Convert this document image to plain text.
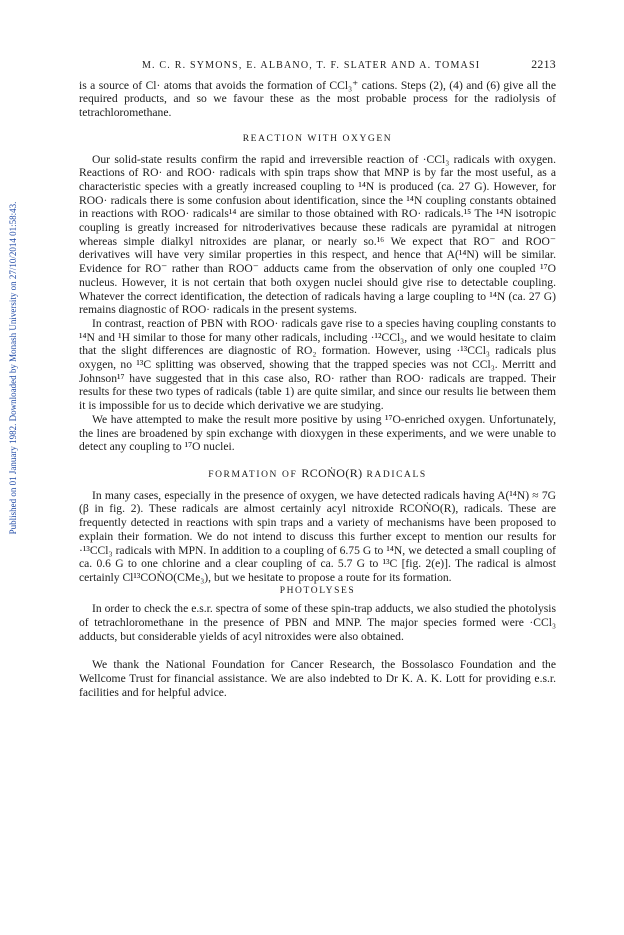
Published on 01 January 1982. Downloaded by Monash University on 27/10/2014 01:58:43.
M. C. R. SYMONS, E. ALBANO, T. F. SLATER AND A. TOMASI	2213

is a source of Cl· atoms that avoids the formation of CCl₃⁺ cations. Steps (2), (4) and (6) give all the required products, and so we favour these as the most probable process for the radiolysis of tetrachloromethane.

REACTION WITH OXYGEN

Our solid-state results confirm the rapid and irreversible reaction of ·CCl₃ radicals with oxygen. Reactions of RO· and ROO· radicals with spin traps show that MNP is by far the most useful, as a characteristic species with a greatly increased coupling to ¹⁴N is produced (ca. 27 G). However, for ROO· radicals there is some confusion about identification, since the ¹⁴N coupling constants obtained in reactions with ROO· radicals¹⁴ are similar to those obtained with RO· radicals.¹⁵ The ¹⁴N isotropic coupling is greatly increased for nitroderivatives because these radicals are pyramidal at nitrogen whereas simple dialkyl nitroxides are planar, or nearly so.¹⁶ We expect that RO⁻ and ROO⁻ derivatives will have very similar properties in this respect, and hence that A(¹⁴N) will be similar. Evidence for RO⁻ rather than ROO⁻ adducts came from the observation of only one coupled ¹⁷O nucleus. However, it is not certain that both oxygen nuclei should give rise to detectable coupling. Whatever the correct identification, the detection of radicals having a large coupling to ¹⁴N (ca. 27 G) remains diagnostic of ROO· radicals in the present systems.

In contrast, reaction of PBN with ROO· radicals gave rise to a species having coupling constants to ¹⁴N and ¹H similar to those for many other radicals, including ·¹²CCl₃, and we would hesitate to claim that the slight differences are diagnostic of RO₂ formation. However, using ·¹³CCl₃ radicals plus oxygen, no ¹³C splitting was observed, showing that the trapped species was not CCl₃. Merritt and Johnson¹⁷ have suggested that in this case also, RO· rather than ROO· radicals are trapped. Their results for these two types of radicals (table 1) are quite similar, and since our results lie between them it is impossible for us to decide which derivative we are studying.

We have attempted to make the result more positive by using ¹⁷O-enriched oxygen. Unfortunately, the lines are broadened by spin exchange with dioxygen in these experiments, and we were unable to detect any coupling to ¹⁷O nuclei.

FORMATION OF RCOṄO(R) RADICALS

In many cases, especially in the presence of oxygen, we have detected radicals having A(¹⁴N) ≈ 7G (β in fig. 2). These radicals are almost certainly acyl nitroxide RCOṄO(R), radicals. These are frequently detected in reactions with spin traps and a variety of mechanisms have been proposed to explain their formation. We do not intend to discuss this further except to mention our results for ·¹³CCl₃ radicals with MPN. In addition to a coupling of 6.75 G to ¹⁴N, we detected a small coupling of ca. 0.6 G to one chlorine and a clear coupling of ca. 5.7 G to ¹³C [fig. 2(e)]. The radical is almost certainly Cl¹³COṄO(CMe₃), but we hesitate to propose a route for its formation.

PHOTOLYSES

In order to check the e.s.r. spectra of some of these spin-trap adducts, we also studied the photolysis of tetrachloromethane in the presence of PBN and MNP. The major species formed were ·CCl₃ adducts, but considerable yields of acyl nitroxides were also obtained.

We thank the National Foundation for Cancer Research, the Bossolasco Foundation and the Wellcome Trust for financial assistance. We are also indebted to Dr K. A. K. Lott for providing e.s.r. facilities and for helpful advice.
